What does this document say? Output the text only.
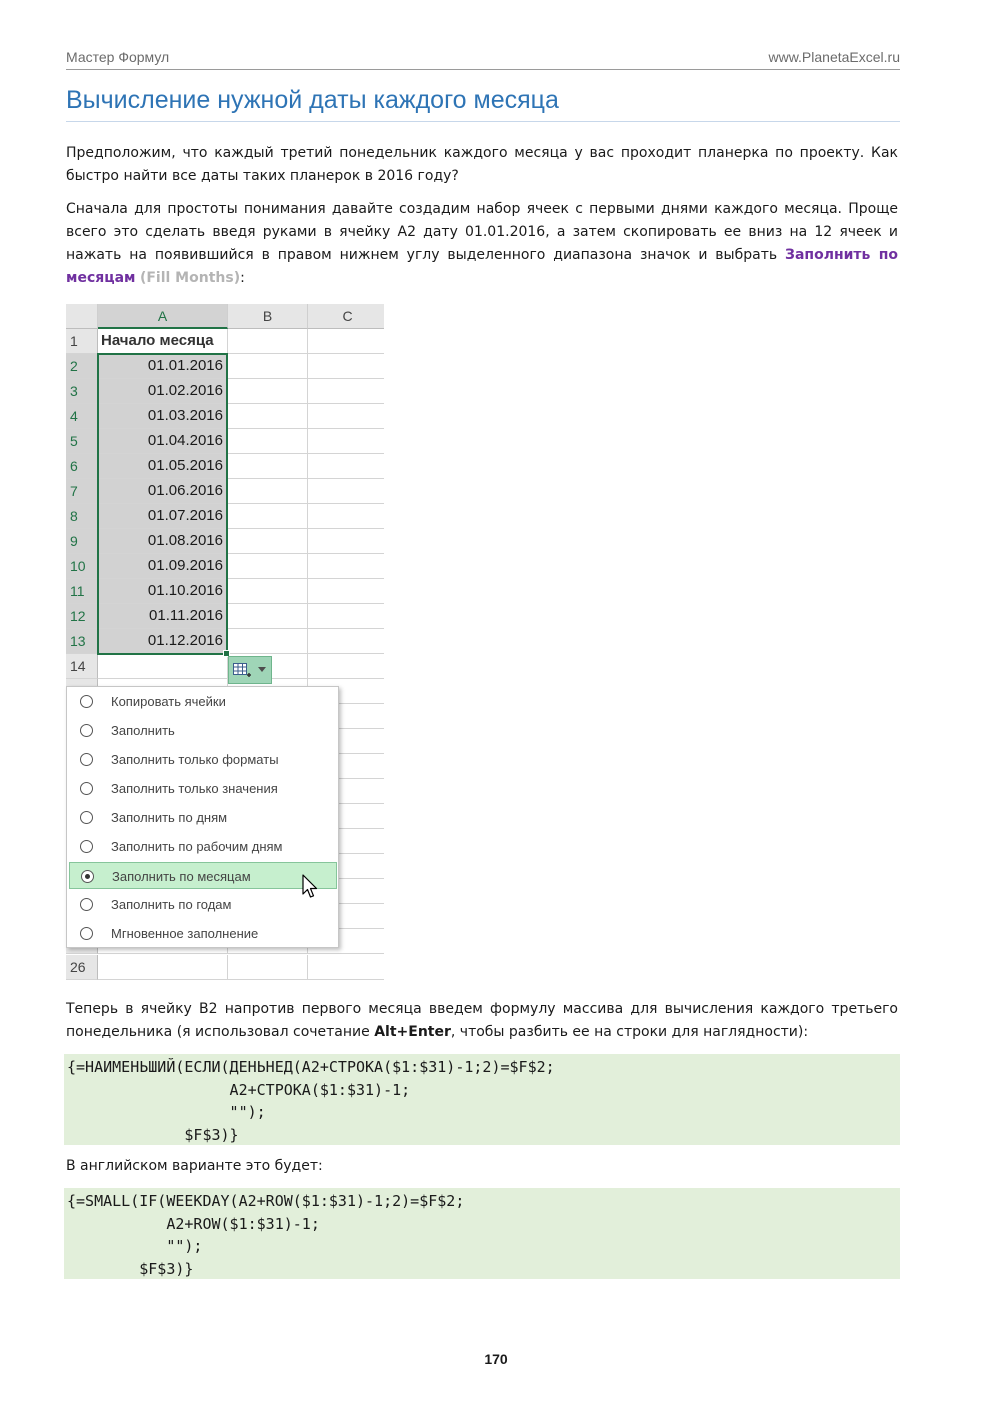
Мастер Формул	www.PlanetaExcel.ru
Вычисление нужной даты каждого месяца

Предположим, что каждый третий понедельник каждого месяца у вас проходит планерка по проекту. Как быстро найти все даты таких планерок в 2016 году?

Сначала для простоты понимания давайте создадим набор ячеек с первыми днями каждого месяца. Проще всего это сделать введя руками в ячейку А2 дату 01.01.2016, а затем скопировать ее вниз на 12 ячеек и нажать на появившийся в правом нижнем углу выделенного диапазона значок и выбрать Заполнить по месяцам (Fill Months):

A	B	C
1	Начало месяца
2	01.01.2016
3	01.02.2016
4	01.03.2016
5	01.04.2016
6	01.05.2016
7	01.06.2016
8	01.07.2016
9	01.08.2016
10	01.09.2016
11	01.10.2016
12	01.11.2016
13	01.12.2016
14
26
Копировать ячейки
Заполнить
Заполнить только форматы
Заполнить только значения
Заполнить по дням
Заполнить по рабочим дням
Заполнить по месяцам
Заполнить по годам
Мгновенное заполнение

Теперь в ячейку В2 напротив первого месяца введем формулу массива для вычисления каждого третьего понедельника (я использовал сочетание Alt+Enter, чтобы разбить ее на строки для наглядности):

{=НАИМЕНЬШИЙ(ЕСЛИ(ДЕНЬНЕД(A2+СТРОКА($1:$31)-1;2)=$F$2;
A2+СТРОКА($1:$31)-1;
"");
$F$3)}

В английском варианте это будет:

{=SMALL(IF(WEEKDAY(A2+ROW($1:$31)-1;2)=$F$2;
A2+ROW($1:$31)-1;
"");
$F$3)}
170
